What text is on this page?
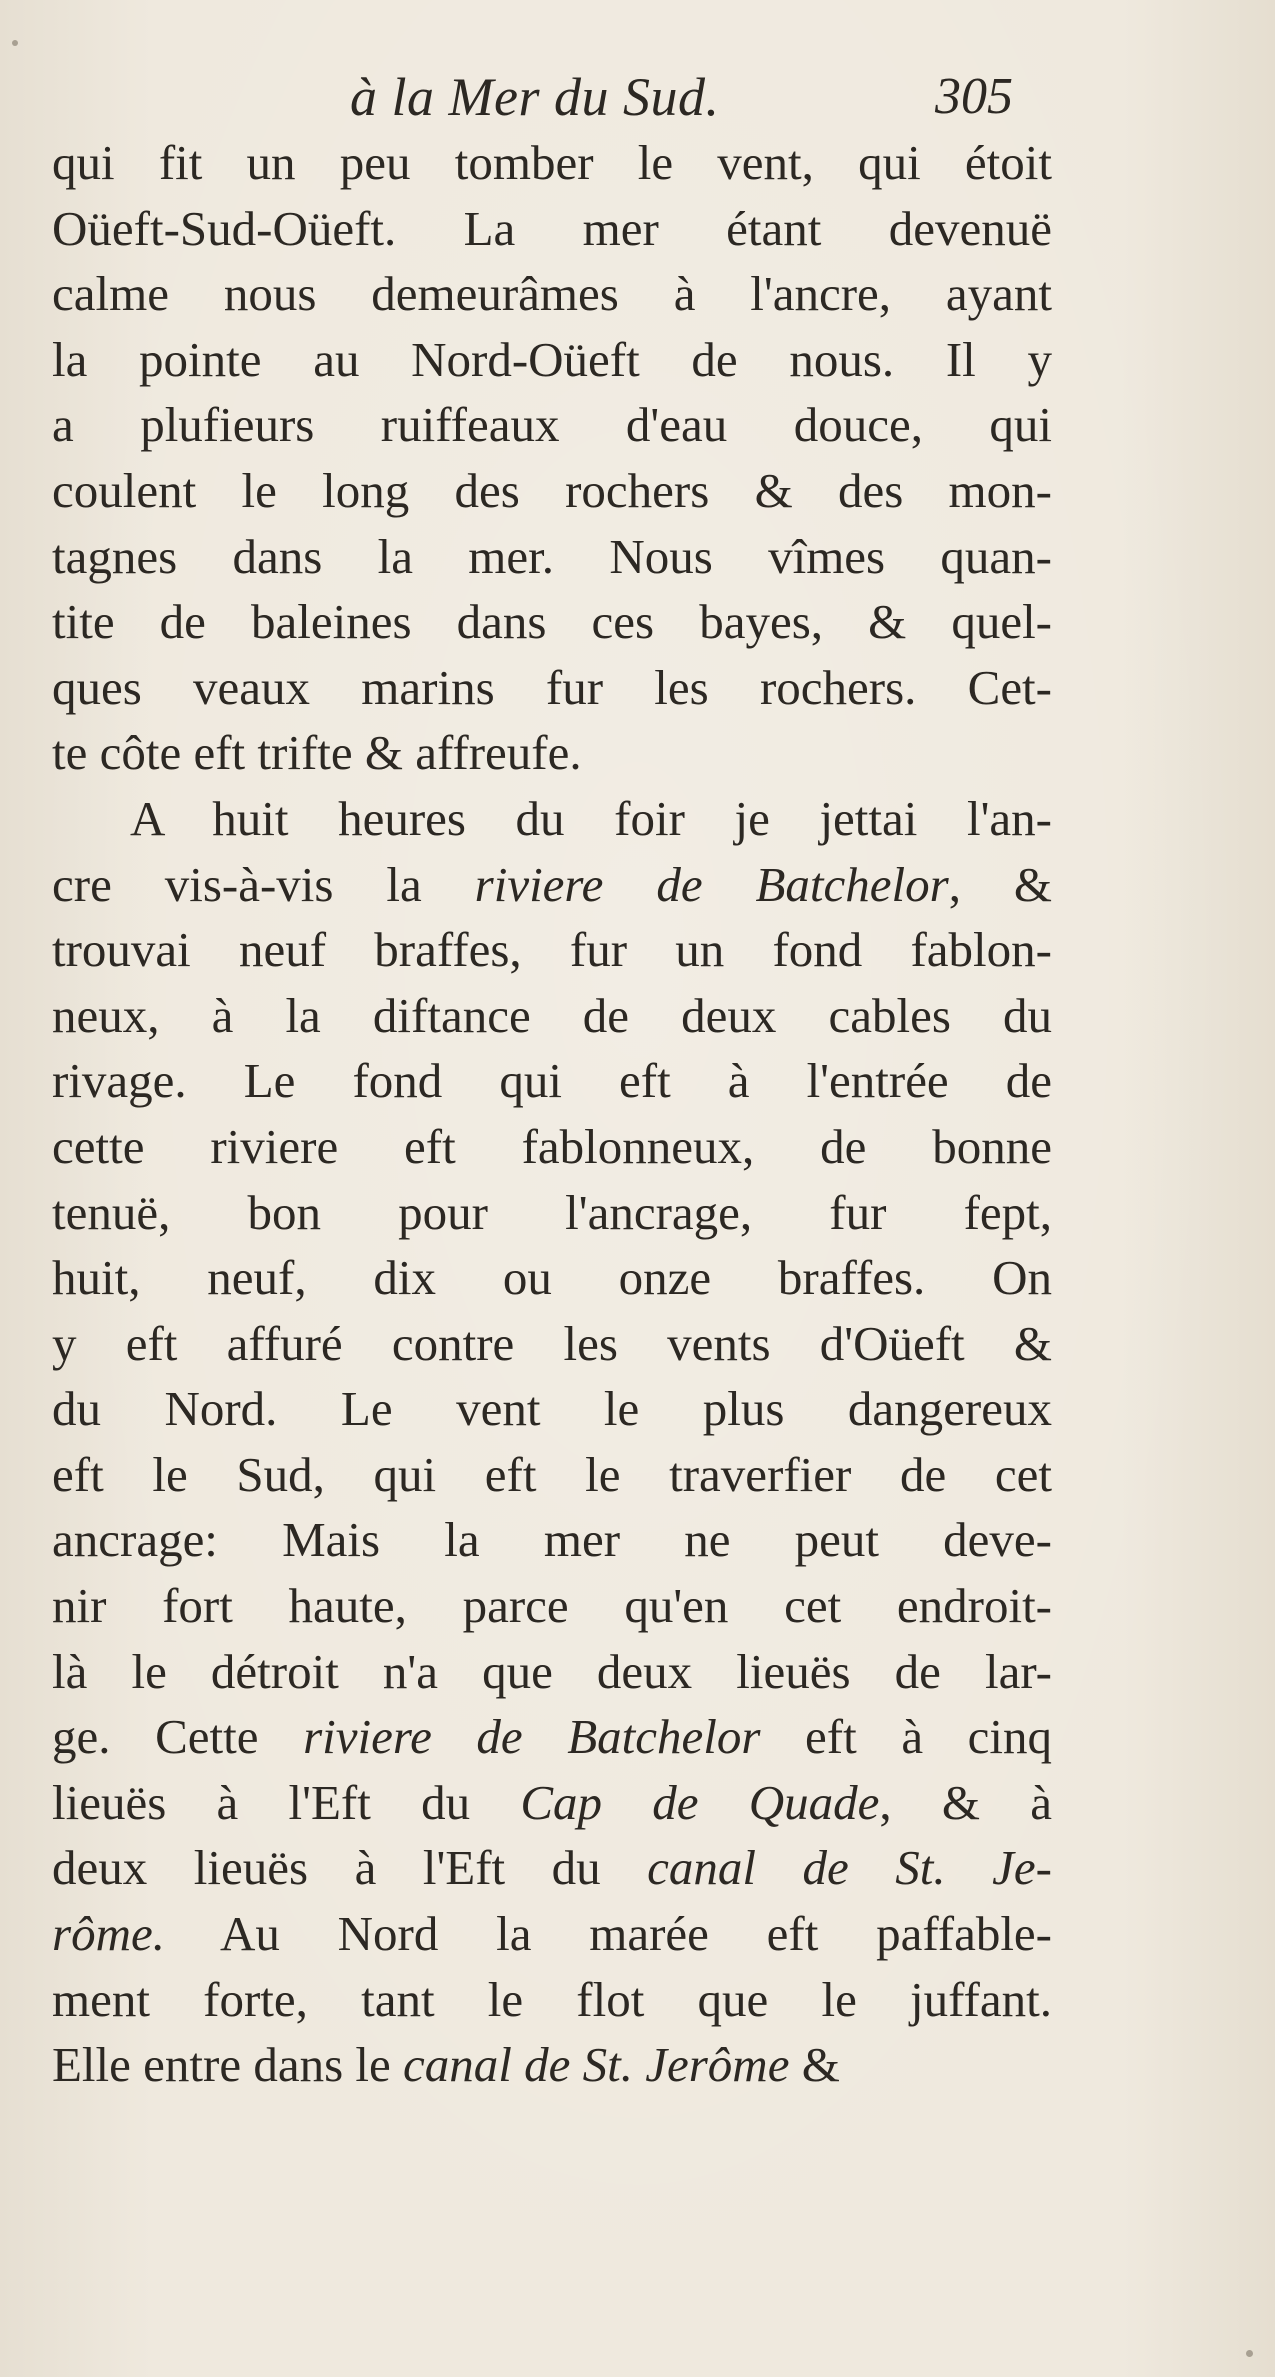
à la Mer du Sud.	305
qui fit un peu tomber le vent, qui étoit
Oüeft-Sud-Oüeft. La mer étant devenuë
calme nous demeurâmes à l'ancre, ayant
la pointe au Nord-Oüeft de nous. Il y
a plufieurs ruiffeaux d'eau douce, qui
coulent le long des rochers & des mon-
tagnes dans la mer. Nous vîmes quan-
tite de baleines dans ces bayes, & quel-
ques veaux marins fur les rochers. Cet-
te côte eft trifte & affreufe.
A huit heures du foir je jettai l'an-
cre vis-à-vis la riviere de Batchelor, &
trouvai neuf braffes, fur un fond fablon-
neux, à la diftance de deux cables du
rivage. Le fond qui eft à l'entrée de
cette riviere eft fablonneux, de bonne
tenuë, bon pour l'ancrage, fur fept,
huit, neuf, dix ou onze braffes. On
y eft affuré contre les vents d'Oüeft &
du Nord. Le vent le plus dangereux
eft le Sud, qui eft le traverfier de cet
ancrage: Mais la mer ne peut deve-
nir fort haute, parce qu'en cet endroit-
là le détroit n'a que deux lieuës de lar-
ge. Cette riviere de Batchelor eft à cinq
lieuës à l'Eft du Cap de Quade, & à
deux lieuës à l'Eft du canal de St. Je-
rôme. Au Nord la marée eft paffable-
ment forte, tant le flot que le juffant.
Elle entre dans le canal de St. Jerôme &
